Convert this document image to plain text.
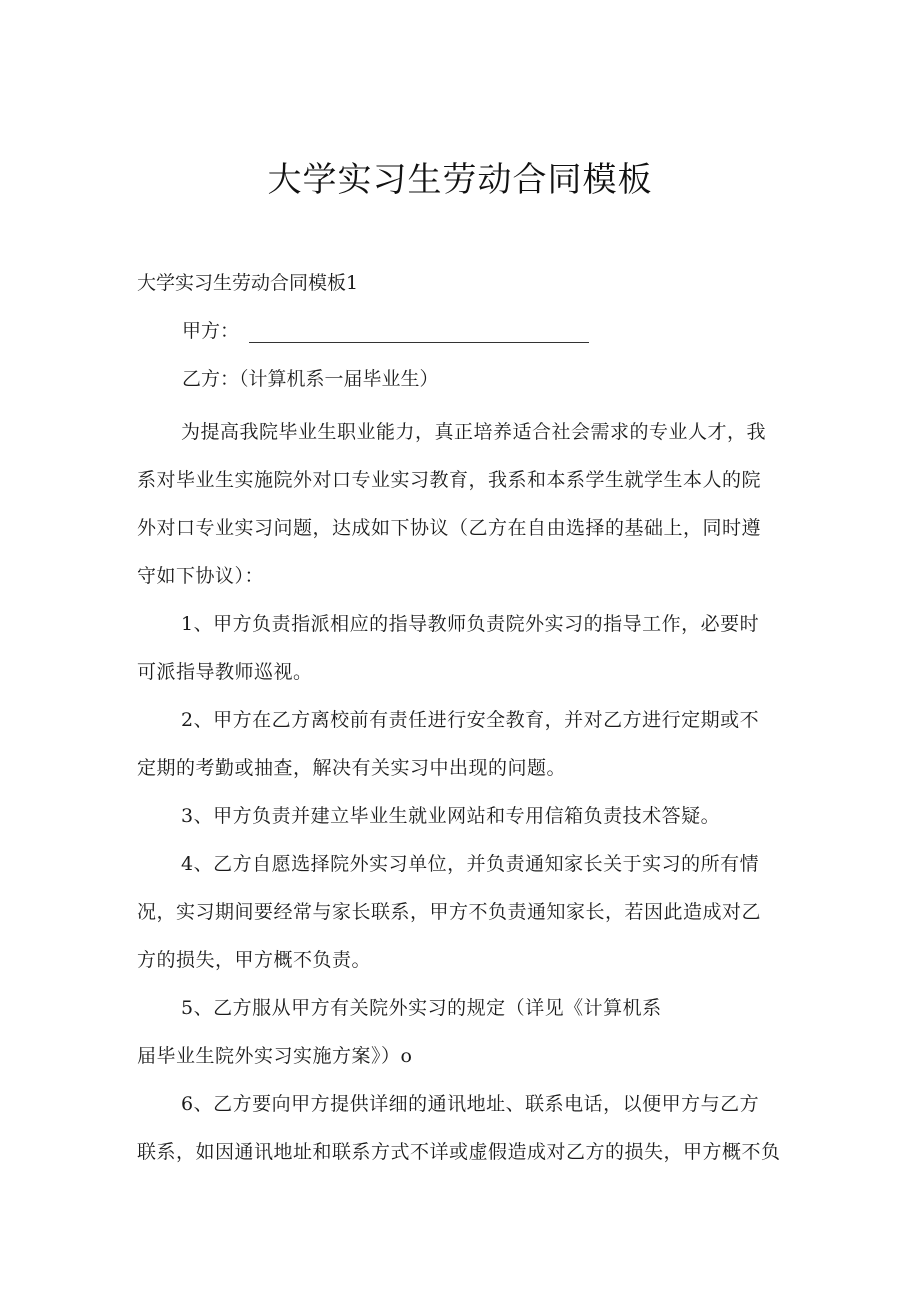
大学实习生劳动合同模板

大学实习生劳动合同模板1

甲方：

乙方：（计算机系一届毕业生）

为提高我院毕业生职业能力，真正培养适合社会需求的专业人才，我
系对毕业生实施院外对口专业实习教育，我系和本系学生就学生本人的院
外对口专业实习问题，达成如下协议（乙方在自由选择的基础上，同时遵
守如下协议）：
1、甲方负责指派相应的指导教师负责院外实习的指导工作，必要时
可派指导教师巡视。
2、甲方在乙方离校前有责任进行安全教育，并对乙方进行定期或不
定期的考勤或抽查，解决有关实习中出现的问题。
3、甲方负责并建立毕业生就业网站和专用信箱负责技术答疑。
4、乙方自愿选择院外实习单位，并负责通知家长关于实习的所有情
况，实习期间要经常与家长联系，甲方不负责通知家长，若因此造成对乙
方的损失，甲方概不负责。
5、乙方服从甲方有关院外实习的规定（详见《计算机系
届毕业生院外实习实施方案》）o
6、乙方要向甲方提供详细的通讯地址、联系电话，以便甲方与乙方
联系，如因通讯地址和联系方式不详或虚假造成对乙方的损失，甲方概不负
